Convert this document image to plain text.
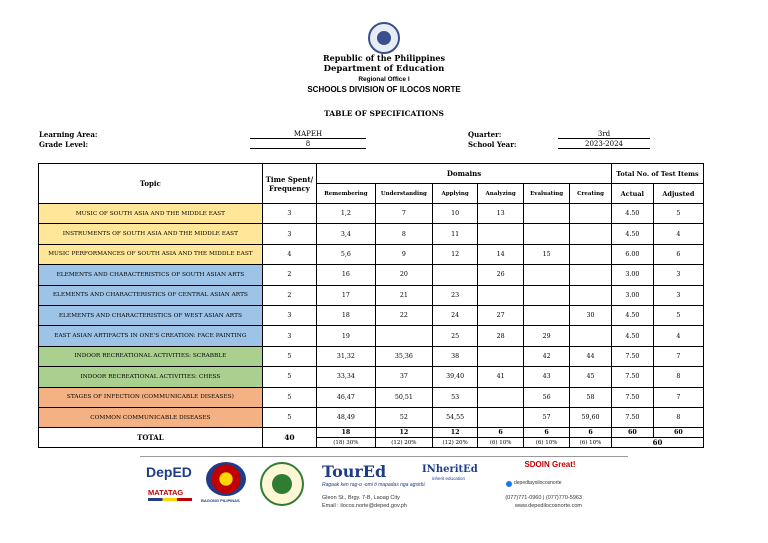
Republic of the Philippines
Department of Education
Regional Office I
SCHOOLS DIVISION OF ILOCOS NORTE
TABLE OF SPECIFICATIONS
Learning Area:	MAPEH
Grade Level:	8
Quarter:	3rd
School Year:	2023-2024
Topic	Time Spent/ Frequency	Domains						Total No. of Test Items	
		Remembering	Understanding	Applying	Analyzing	Evaluating	Creating	Actual	Adjusted
MUSIC OF SOUTH ASIA AND THE MIDDLE EAST	3	1,2	7	10	13			4.50	5
INSTRUMENTS OF SOUTH ASIA AND THE MIDDLE EAST	3	3,4	8	11				4.50	4
MUSIC PERFORMANCES OF SOUTH ASIA AND THE MIDDLE EAST	4	5,6	9	12	14	15		6.00	6
ELEMENTS AND CHARACTERISTICS OF SOUTH ASIAN ARTS	2	16	20		26			3.00	3
ELEMENTS AND CHARACTERISTICS OF CENTRAL ASIAN ARTS	2	17	21	23				3.00	3
ELEMENTS AND CHARACTERISTICS OF WEST ASIAN ARTS	3	18	22	24	27		30	4.50	5
EAST ASIAN ARTIFACTS IN ONE'S CREATION: FACE PAINTING	3	19		25	28	29		4.50	4
INDOOR RECREATIONAL ACTIVITIES: SCRABBLE	5	31,32	35,36	38		42	44	7.50	7
INDOOR RECREATIONAL ACTIVITIES: CHESS	5	33,34	37	39,40	41	43	45	7.50	8
STAGES OF INFECTION (COMMUNICABLE DISEASES)	5	46,47	50,51	53		56	58	7.50	7
COMMON COMMUNICABLE DISEASES	5	48,49	52	54,55		57	59,60	7.50	8
TOTAL	40	18	12	12	6	6	6	60	60
		(18) 30%	(12) 20%	(12) 20%	(6) 10%	(6) 10%	(6) 10%	60	
DepED
MATATAG
BAGONG PILIPINAS
TourEd
Ragaak ken rag-o -omi ti mapadas nga agsirbi.
INheritEd
inherit education
SDOIN Great!
depedtayoilocosnorte
Gleon St., Brgy. 7-B, Laoag City
Email : ilocos.norte@deped.gov.ph
(077)771-0960 | (077)770-5963
www.depedilocosnorte.com
